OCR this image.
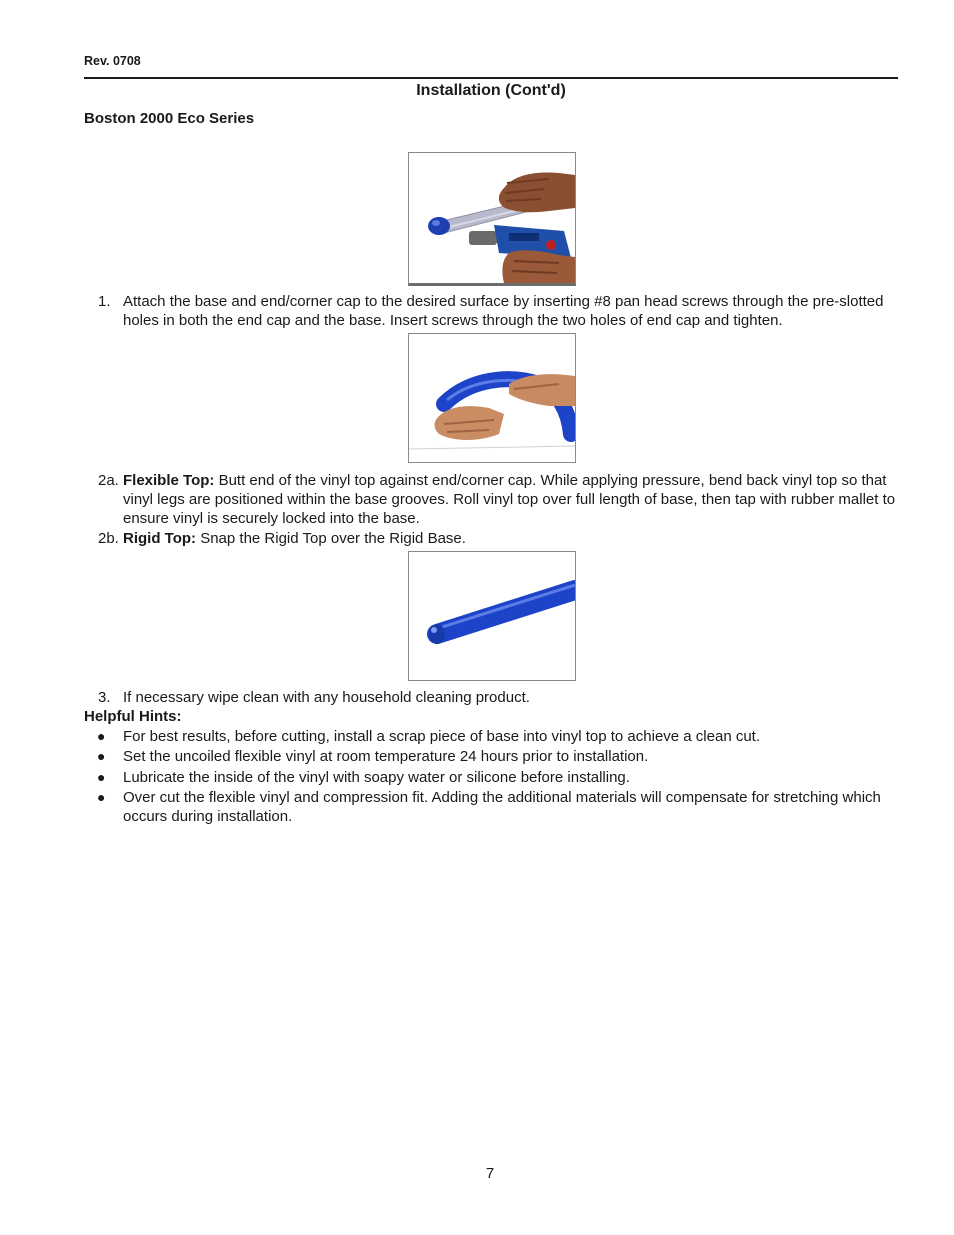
Rev. 0708
Installation (Cont'd)
Boston 2000 Eco Series
1. Attach the base and end/corner cap to the desired surface by inserting #8 pan head screws through the pre-slotted holes in both the end cap and the base. Insert screws through the two holes of end cap and tighten.
2a. Flexible Top: Butt end of the vinyl top against end/corner cap. While applying pressure, bend back vinyl top so that vinyl legs are positioned within the base grooves. Roll vinyl top over full length of base, then tap with rubber mallet to ensure vinyl is securely locked into the base.
2b. Rigid Top: Snap the Rigid Top over the Rigid Base.
3. If necessary wipe clean with any household cleaning product.
Helpful Hints:
● For best results, before cutting, install a scrap piece of base into vinyl top to achieve a clean cut.
● Set the uncoiled flexible vinyl at room temperature 24 hours prior to installation.
● Lubricate the inside of the vinyl with soapy water or silicone before installing.
● Over cut the flexible vinyl and compression fit. Adding the additional materials will compensate for stretching which occurs during installation.
7
